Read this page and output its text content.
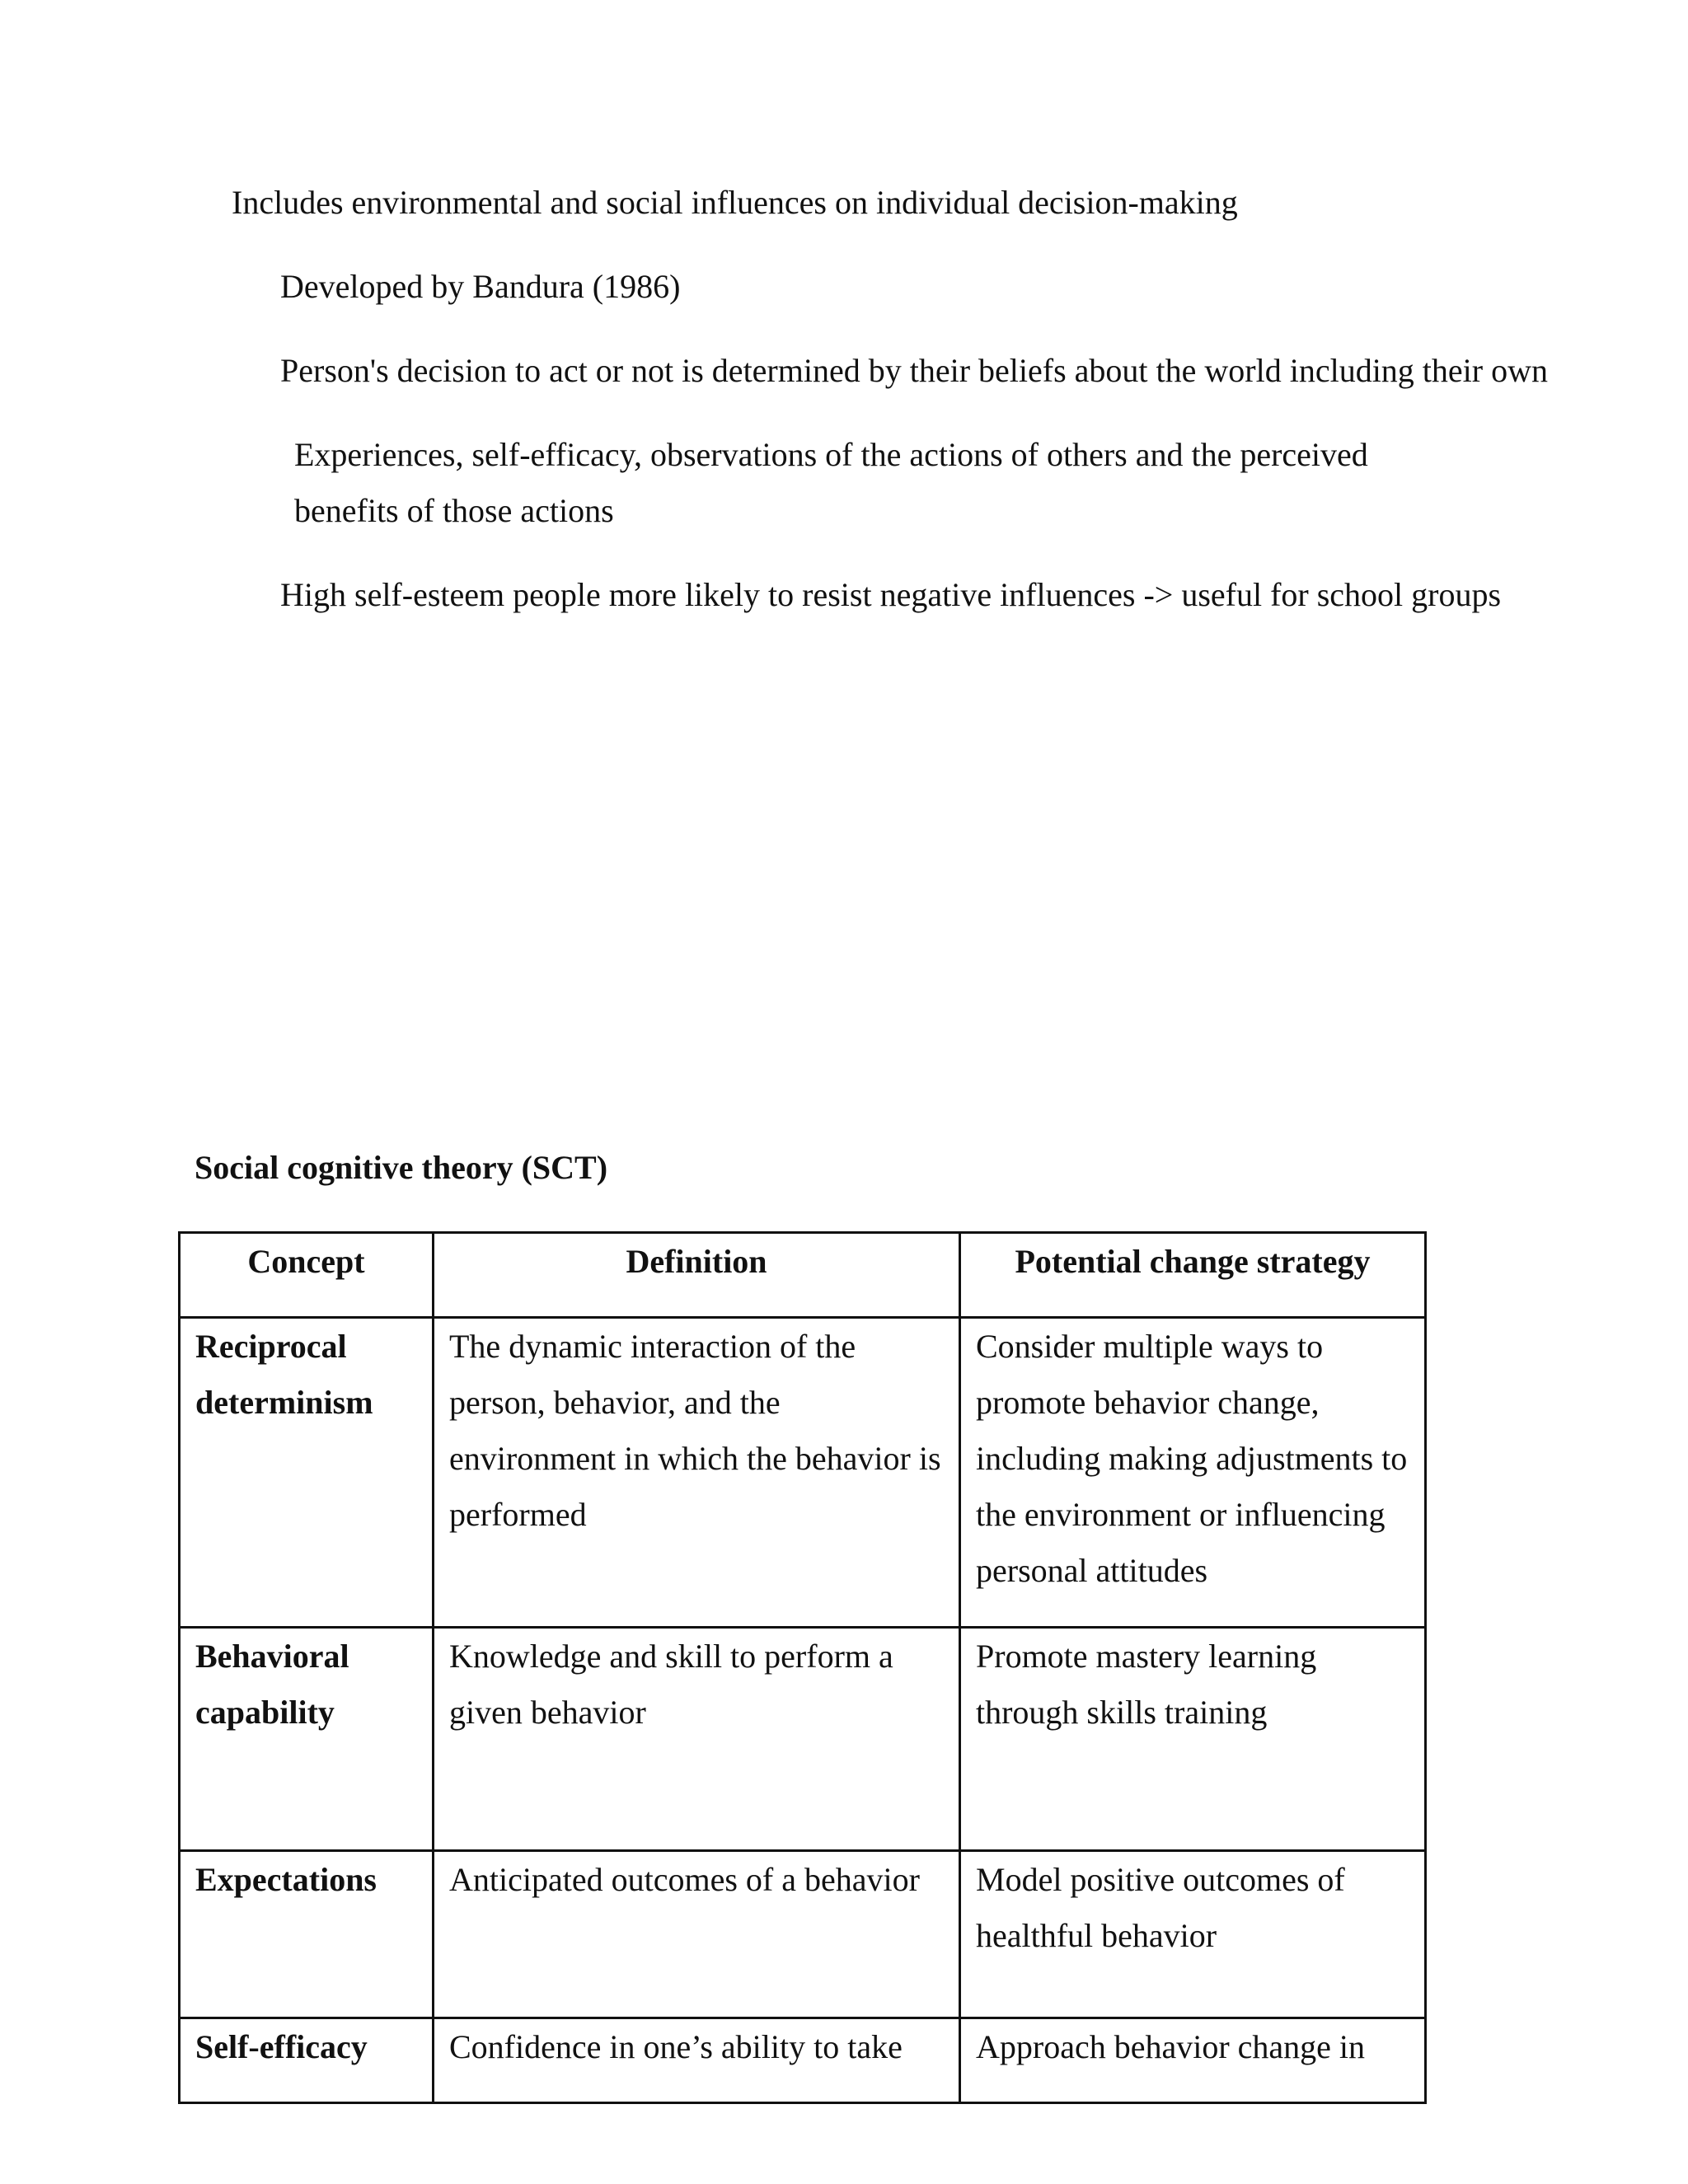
Includes environmental and social influences on individual decision-making
Developed by Bandura (1986)
Person's decision to act or not is determined by their beliefs about the world including their own
Experiences, self-efficacy, observations of the actions of others and the perceived
benefits of those actions
High self-esteem people more likely to resist negative influences -> useful for school groups
Social cognitive theory (SCT)
Concept	Definition	Potential change strategy
Reciprocal determinism	The dynamic interaction of the person, behavior, and the environment in which the behavior is performed	Consider multiple ways to promote behavior change, including making adjustments to the environment or influencing personal attitudes
Behavioral capability	Knowledge and skill to perform a given behavior	Promote mastery learning through skills training
Expectations	Anticipated outcomes of a behavior	Model positive outcomes of healthful behavior
Self-efficacy	Confidence in one’s ability to take	Approach behavior change in
